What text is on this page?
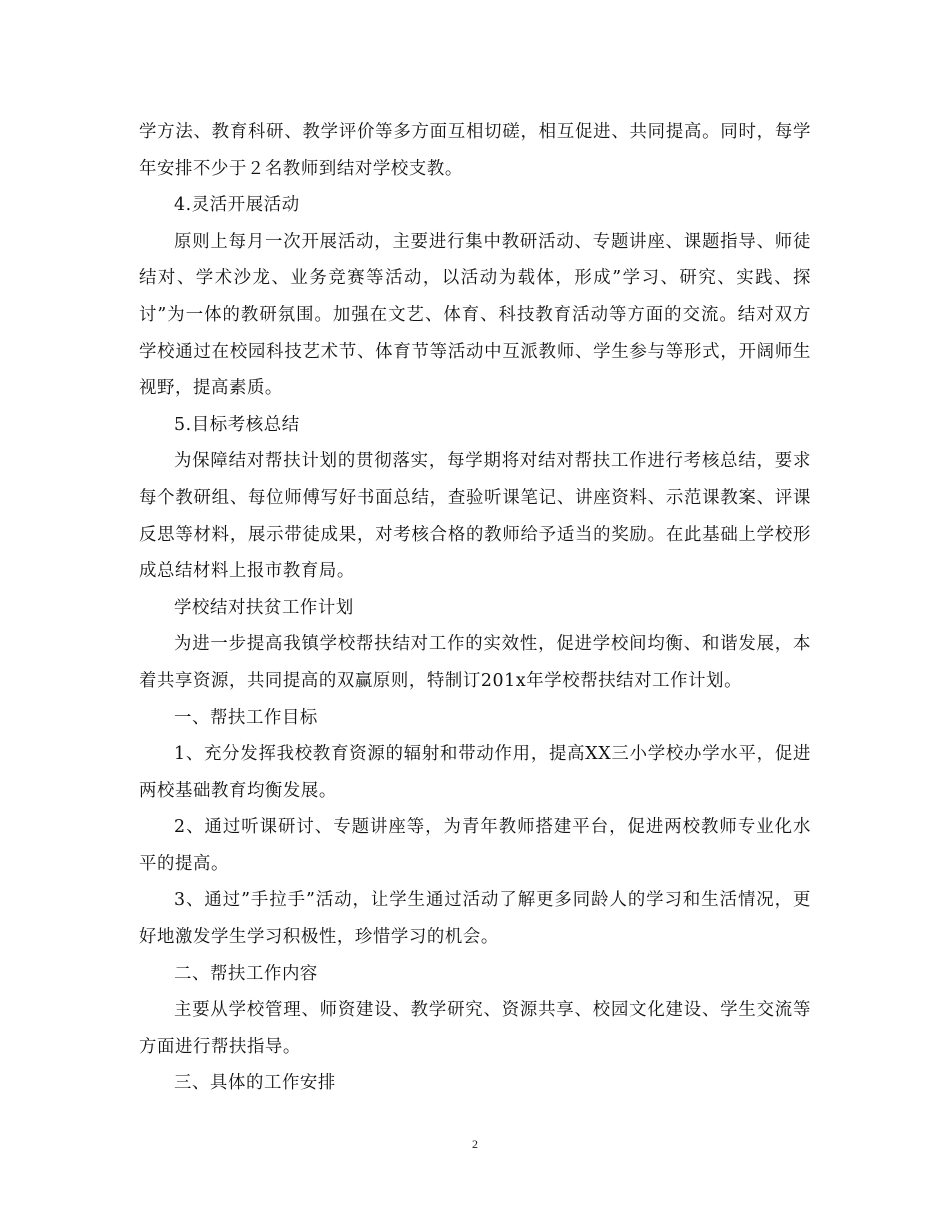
学方法、教育科研、教学评价等多方面互相切磋，相互促进、共同提高。同时，每学年安排不少于２名教师到结对学校支教。

4.灵活开展活动

原则上每月一次开展活动，主要进行集中教研活动、专题讲座、课题指导、师徒结对、学术沙龙、业务竞赛等活动，以活动为载体，形成”学习、研究、实践、探讨”为一体的教研氛围。加强在文艺、体育、科技教育活动等方面的交流。结对双方学校通过在校园科技艺术节、体育节等活动中互派教师、学生参与等形式，开阔师生视野，提高素质。

5.目标考核总结

为保障结对帮扶计划的贯彻落实，每学期将对结对帮扶工作进行考核总结，要求每个教研组、每位师傅写好书面总结，查验听课笔记、讲座资料、示范课教案、评课反思等材料，展示带徒成果，对考核合格的教师给予适当的奖励。在此基础上学校形成总结材料上报市教育局。

学校结对扶贫工作计划

为进一步提高我镇学校帮扶结对工作的实效性，促进学校间均衡、和谐发展，本着共享资源，共同提高的双赢原则，特制订201x年学校帮扶结对工作计划。

一、帮扶工作目标

1、充分发挥我校教育资源的辐射和带动作用，提高XX三小学校办学水平，促进两校基础教育均衡发展。

2、通过听课研讨、专题讲座等，为青年教师搭建平台，促进两校教师专业化水平的提高。

3、通过”手拉手”活动，让学生通过活动了解更多同龄人的学习和生活情况，更好地激发学生学习积极性，珍惜学习的机会。

二、帮扶工作内容

主要从学校管理、师资建设、教学研究、资源共享、校园文化建设、学生交流等方面进行帮扶指导。

三、具体的工作安排

2
